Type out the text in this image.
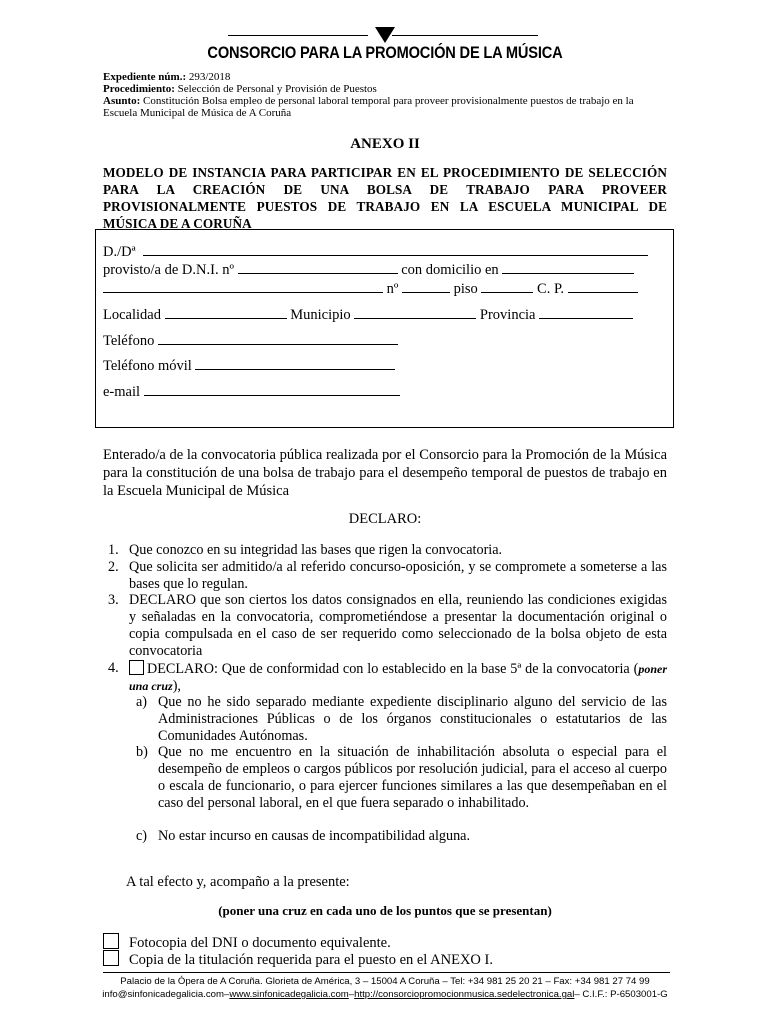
CONSORCIO PARA LA PROMOCIÓN DE LA MÚSICA
Expediente núm.: 293/2018
Procedimiento: Selección de Personal y Provisión de Puestos
Asunto: Constitución Bolsa empleo de personal laboral temporal para proveer provisionalmente puestos de trabajo en la
Escuela Municipal de Música de A Coruña
ANEXO II
MODELO DE INSTANCIA PARA PARTICIPAR EN EL PROCEDIMIENTO DE SELECCIÓN PARA LA CREACIÓN DE UNA BOLSA DE TRABAJO PARA PROVEER PROVISIONALMENTE PUESTOS DE TRABAJO EN LA ESCUELA MUNICIPAL DE MÚSICA DE A CORUÑA
D./Dª
provisto/a de D.N.I. nº	con domicilio en
nº	piso	C. P.
Localidad	Municipio	Provincia
Teléfono
Teléfono móvil
e-mail
Enterado/a de la convocatoria pública realizada por el Consorcio para la Promoción de la Música para la constitución de una bolsa de trabajo para el desempeño temporal de puestos de trabajo en la Escuela Municipal de Música
DECLARO:
1. Que conozco en su integridad las bases que rigen la convocatoria.
2. Que solicita ser admitido/a al referido concurso-oposición, y se compromete a someterse a las bases que lo regulan.
3. DECLARO que son ciertos los datos consignados en ella, reuniendo las condiciones exigidas y señaladas en la convocatoria, comprometiéndose a presentar la documentación original o copia compulsada en el caso de ser requerido como seleccionado de la bolsa objeto de esta convocatoria
4.	DECLARO: Que de conformidad con lo establecido en la base 5ª de la convocatoria (poner una cruz),
a) Que no he sido separado mediante expediente disciplinario alguno del servicio de las Administraciones Públicas o de los órganos constitucionales o estatutarios de las Comunidades Autónomas.
b) Que no me encuentro en la situación de inhabilitación absoluta o especial para el desempeño de empleos o cargos públicos por resolución judicial, para el acceso al cuerpo o escala de funcionario, o para ejercer funciones similares a las que desempeñaban en el caso del personal laboral, en el que fuera separado o inhabilitado.
c) No estar incurso en causas de incompatibilidad alguna.
A tal efecto y, acompaño a la presente:
(poner una cruz en cada uno de los puntos que se presentan)
Fotocopia del DNI o documento equivalente.
Copia de la titulación requerida para el puesto en el ANEXO I.
Palacio de la Ópera de A Coruña. Glorieta de América, 3 – 15004 A Coruña – Tel: +34 981 25 20 21 – Fax: +34 981 27 74 99
info@sinfonicadegalicia.com–www.sinfonicadegalicia.com–http://consorciopromocionmusica.sedelectronica.gal– C.I.F.: P-6503001-G
